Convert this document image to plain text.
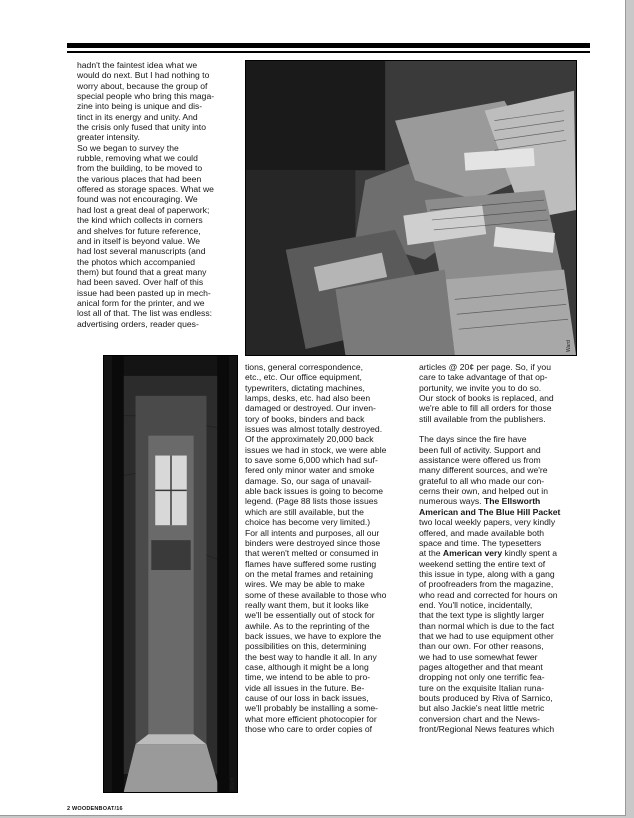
hadn't the faintest idea what we
would do next. But I had nothing to
worry about, because the group of
special people who bring this maga-
zine into being is unique and dis-
tinct in its energy and unity. And
the crisis only fused that unity into
greater intensity.
So we began to survey the
rubble, removing what we could
from the building, to be moved to
the various places that had been
offered as storage spaces. What we
found was not encouraging. We
had lost a great deal of paperwork;
the kind which collects in corners
and shelves for future reference,
and in itself is beyond value. We
had lost several manuscripts (and
the photos which accompanied
them) but found that a great many
had been saved. Over half of this
issue had been pasted up in mech-
anical form for the printer, and we
lost all of that. The list was endless:
advertising orders, reader ques-
Ward
Ward
tions, general correspondence,
etc., etc. Our office equipment,
typewriters, dictating machines,
lamps, desks, etc. had also been
damaged or destroyed. Our inven-
tory of books, binders and back
issues was almost totally destroyed.
Of the approximately 20,000 back
issues we had in stock, we were able
to save some 6,000 which had suf-
fered only minor water and smoke
damage. So, our saga of unavail-
able back issues is going to become
legend. (Page 88 lists those issues
which are still available, but the
choice has become very limited.)
For all intents and purposes, all our
binders were destroyed since those
that weren't melted or consumed in
flames have suffered some rusting
on the metal frames and retaining
wires. We may be able to make
some of these available to those who
really want them, but it looks like
we'll be essentially out of stock for
awhile. As to the reprinting of the
back issues, we have to explore the
possibilities on this, determining
the best way to handle it all. In any
case, although it might be a long
time, we intend to be able to pro-
vide all issues in the future. Be-
cause of our loss in back issues,
we'll probably be installing a some-
what more efficient photocopier for
those who care to order copies of
articles @ 20¢ per page. So, if you
care to take advantage of that op-
portunity, we invite you to do so.
Our stock of books is replaced, and
we're able to fill all orders for those
still available from the publishers.

The days since the fire have
been full of activity. Support and
assistance were offered us from
many different sources, and we're
grateful to all who made our con-
cerns their own, and helped out in
numerous ways. The Ellsworth
American and The Blue Hill Packet
two local weekly papers, very kindly
offered, and made available both
space and time. The typesetters
at the American very kindly spent a
weekend setting the entire text of
this issue in type, along with a gang
of proofreaders from the magazine,
who read and corrected for hours on
end. You'll notice, incidentally,
that the text type is slightly larger
than normal which is due to the fact
that we had to use equipment other
than our own. For other reasons,
we had to use somewhat fewer
pages altogether and that meant
dropping not only one terrific fea-
ture on the exquisite Italian runa-
bouts produced by Riva of Sarnico,
but also Jackie's neat little metric
conversion chart and the News-
front/Regional News features which
2 WOODENBOAT/16
